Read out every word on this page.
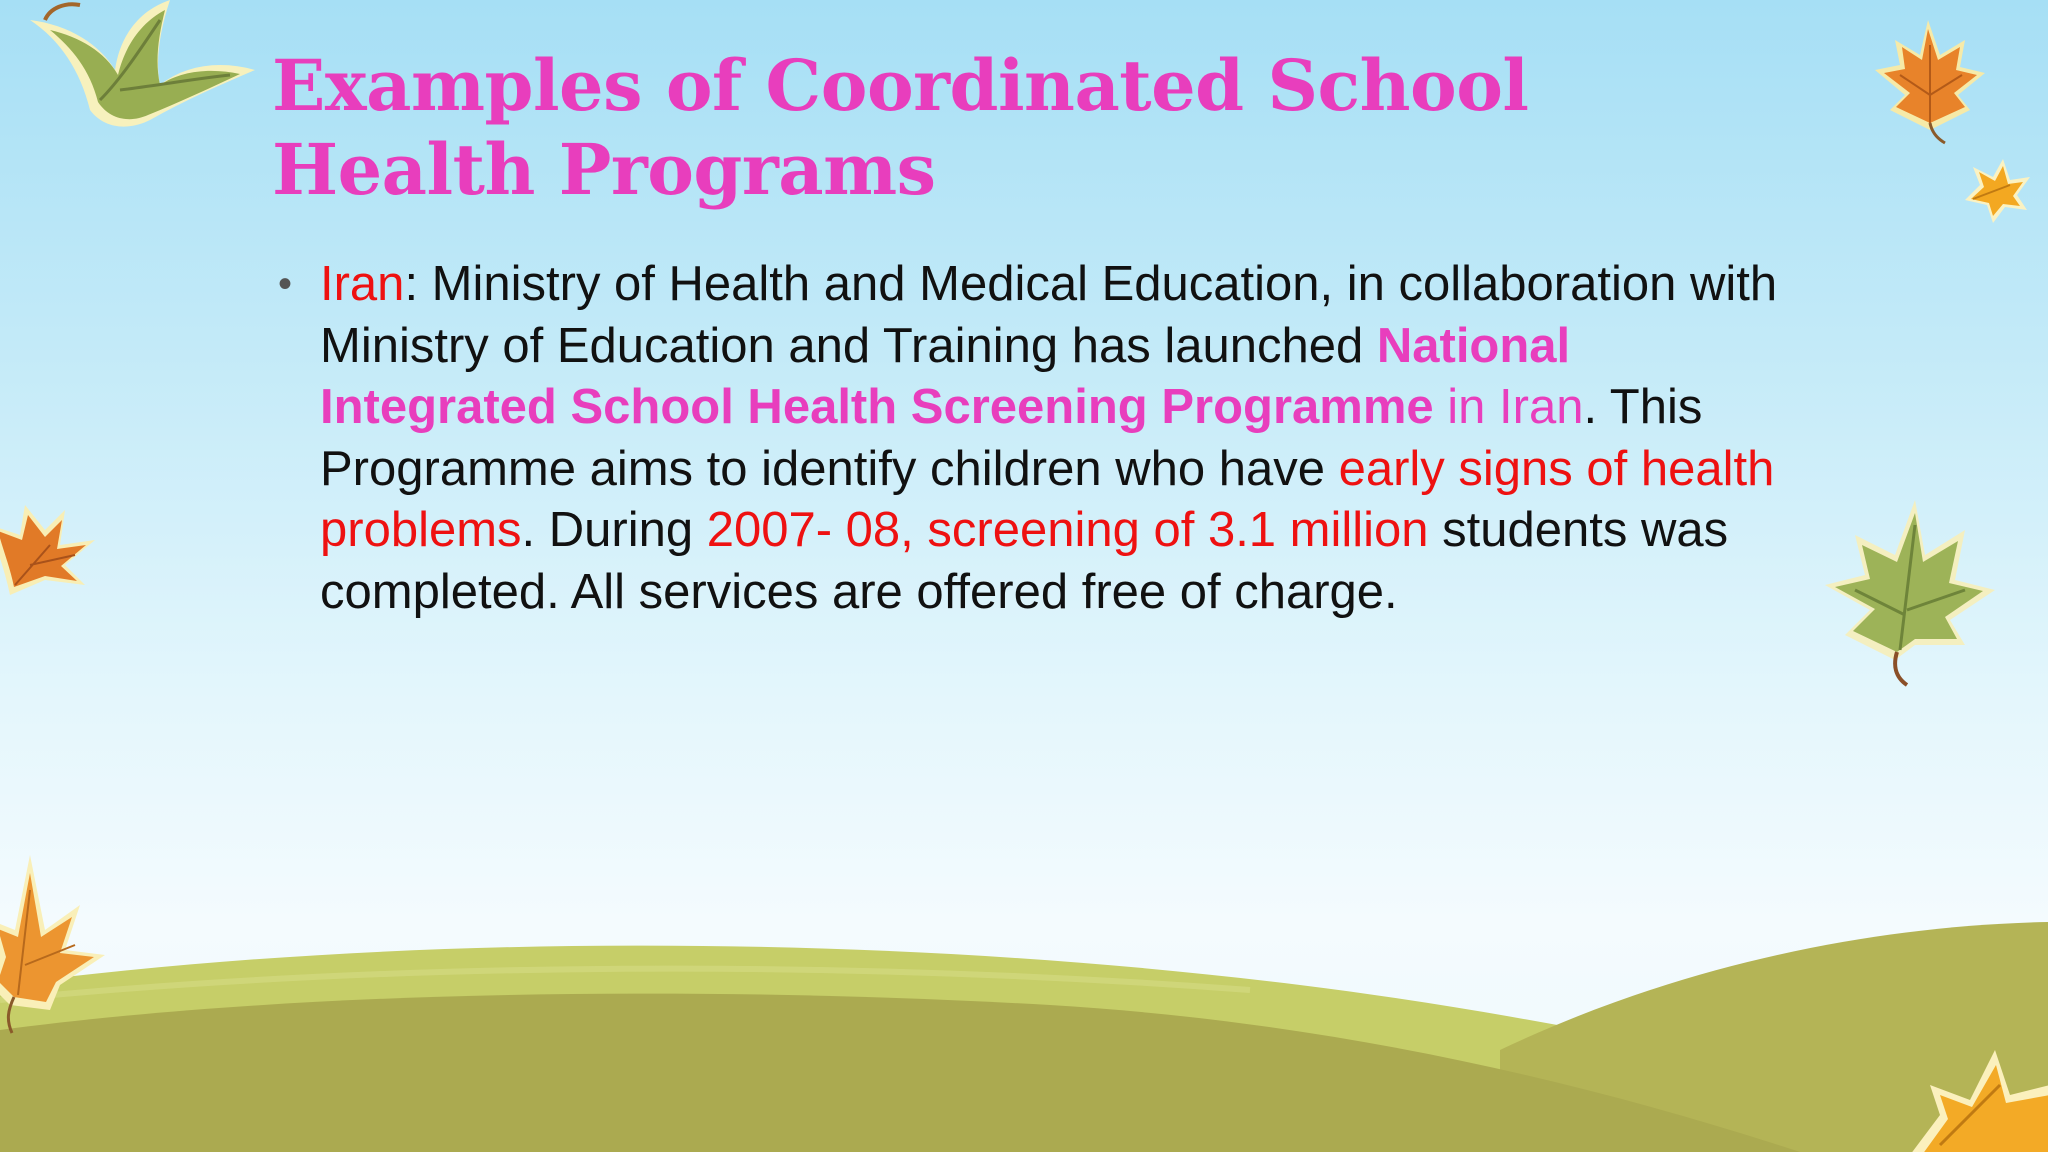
Examples of Coordinated School Health Programs
• Iran: Ministry of Health and Medical Education, in collaboration with Ministry of Education and Training has launched National Integrated School Health Screening Programme in Iran. This Programme aims to identify children who have early signs of health problems. During 2007- 08, screening of 3.1 million students was completed. All services are offered free of charge.
